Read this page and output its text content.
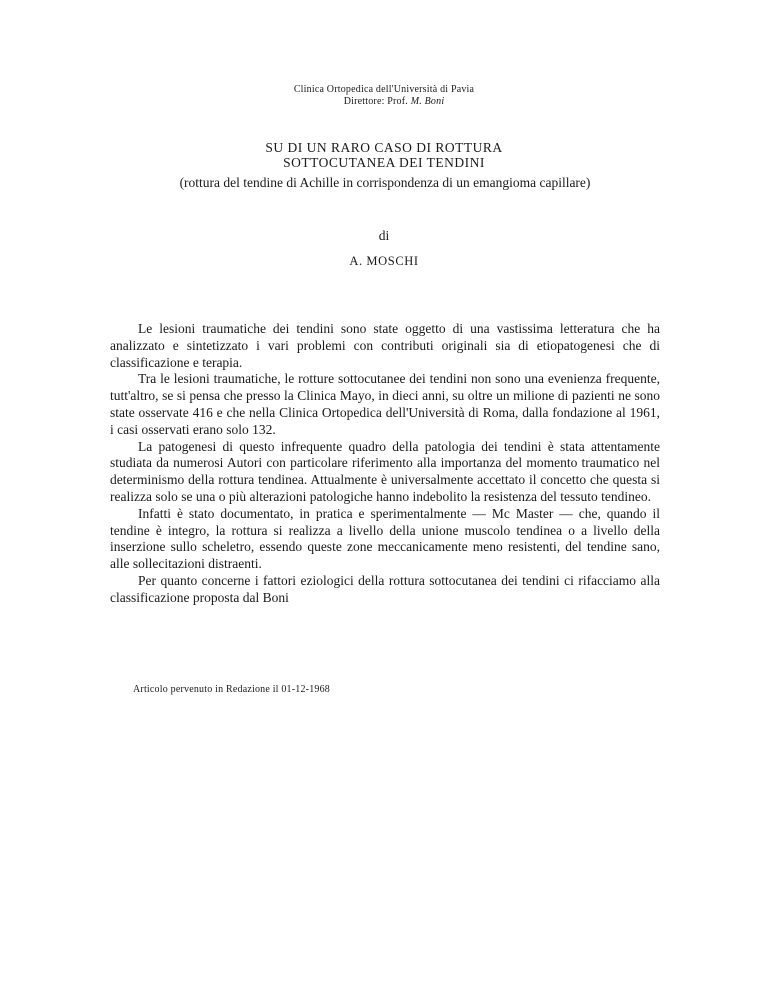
Clinica Ortopedica dell'Università di Pavia
Direttore: Prof. M. Boni
SU DI UN RARO CASO DI ROTTURA
SOTTOCUTANEA DEI TENDINI
(rottura del tendine di Achille in corrispondenza di un emangioma capillare)
di
A. MOSCHI

Le lesioni traumatiche dei tendini sono state oggetto di una vastissima letteratura che ha analizzato e sintetizzato i vari problemi con contributi originali sia di etiopatogenesi che di classificazione e terapia.

Tra le lesioni traumatiche, le rotture sottocutanee dei tendini non sono una evenienza frequente, tutt'altro, se si pensa che presso la Clinica Mayo, in dieci anni, su oltre un milione di pazienti ne sono state osservate 416 e che nella Clinica Ortopedica dell'Università di Roma, dalla fondazione al 1961, i casi osservati erano solo 132.

La patogenesi di questo infrequente quadro della patologia dei tendini è stata attentamente studiata da numerosi Autori con particolare riferimento alla importanza del momento traumatico nel determinismo della rottura tendinea. Attualmente è universalmente accettato il concetto che questa si realizza solo se una o più alterazioni patologiche hanno indebolito la resistenza del tessuto tendineo.

Infatti è stato documentato, in pratica e sperimentalmente — Mc Master — che, quando il tendine è integro, la rottura si realizza a livello della unione muscolo tendinea o a livello della inserzione sullo scheletro, essendo queste zone meccanicamente meno resistenti, del tendine sano, alle sollecitazioni distraenti.

Per quanto concerne i fattori eziologici della rottura sottocutanea dei tendini ci rifacciamo alla classificazione proposta dal Boni

Articolo pervenuto in Redazione il 01-12-1968
